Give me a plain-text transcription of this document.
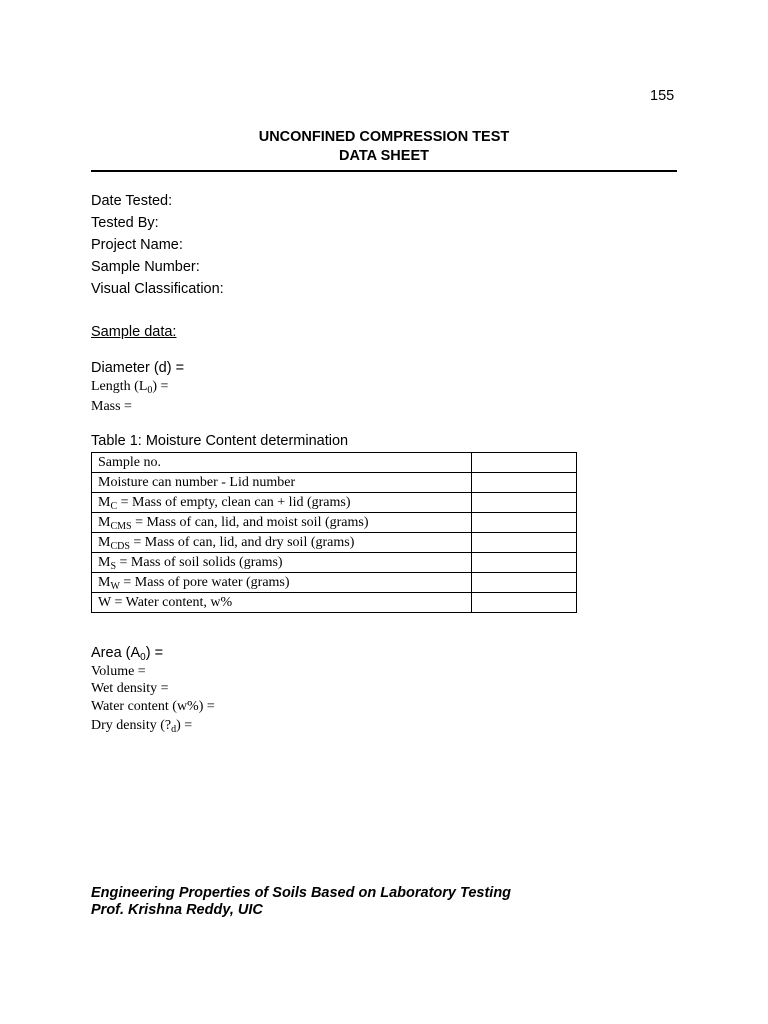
155
UNCONFINED COMPRESSION TEST
DATA SHEET
Date Tested:
Tested By:
Project Name:
Sample Number:
Visual Classification:
Sample data:
Diameter (d) =
Length $(L_0)$ =
Mass =
Table 1: Moisture Content determination
Sample no.	
Moisture can number - Lid number	
$M_C$ = Mass of empty, clean can + lid (grams)	
$M_{CMS}$ = Mass of can, lid, and moist soil (grams)	
$M_{CDS}$ = Mass of can, lid, and dry soil (grams)	
$M_S$ = Mass of soil solids (grams)	
$M_W$ = Mass of pore water (grams)	
W = Water content, w%	
Area $(A_0)$ =
Volume =
Wet density =
Water content (w%) =
Dry density $(?_d)$ =
Engineering Properties of Soils Based on Laboratory Testing
Prof. Krishna Reddy, UIC
